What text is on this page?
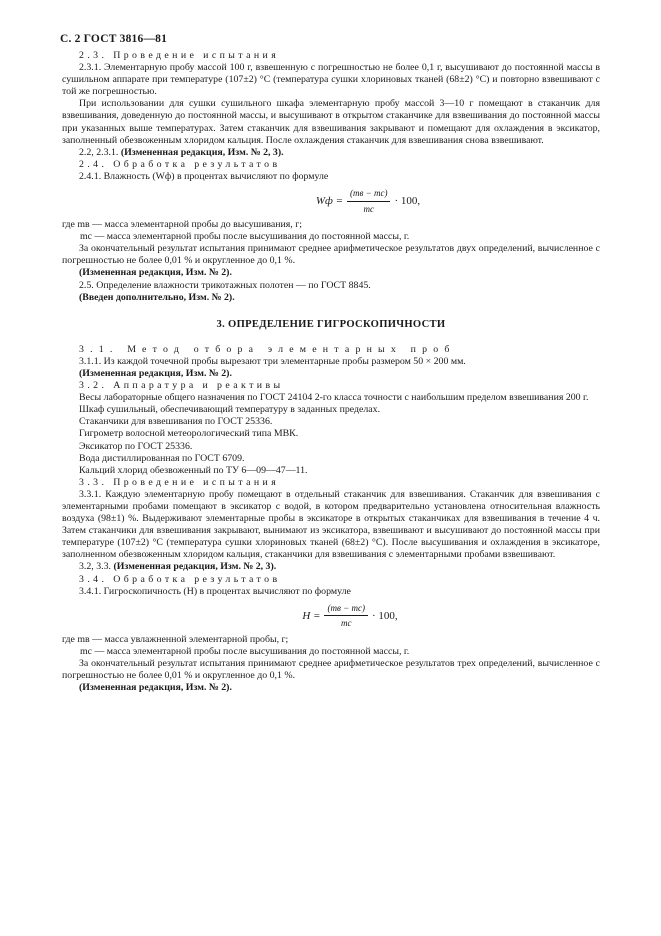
С. 2 ГОСТ 3816—81

2.3. Проведение испытания

2.3.1. Элементарную пробу массой 100 г, взвешенную с погрешностью не более 0,1 г, высушивают до постоянной массы в сушильном аппарате при температуре (107±2) °С (температура сушки хлориновых тканей (68±2) °С) и повторно взвешивают с той же погрешностью.

При использовании для сушки сушильного шкафа элементарную пробу массой 3—10 г помещают в стаканчик для взвешивания, доведенную до постоянной массы, и высушивают в открытом стаканчике для взвешивания до постоянной массы при указанных выше температурах. Затем стаканчик для взвешивания закрывают и помещают для охлаждения в эксикатор, заполненный обезвоженным хлоридом кальция. После охлаждения стаканчик для взвешивания снова взвешивают.

2.2, 2.3.1. (Измененная редакция, Изм. № 2, 3).

2.4. Обработка результатов

2.4.1. Влажность (Wф) в процентах вычисляют по формуле

Wф = $\frac{(mв - mс)}{mс} \cdot 100$,

где mв — масса элементарной пробы до высушивания, г;

mс — масса элементарной пробы после высушивания до постоянной массы, г.

За окончательный результат испытания принимают среднее арифметическое результатов двух определений, вычисленное с погрешностью не более 0,01 % и округленное до 0,1 %.

(Измененная редакция, Изм. № 2).

2.5. Определение влажности трикотажных полотен — по ГОСТ 8845.

(Введен дополнительно, Изм. № 2).

3. ОПРЕДЕЛЕНИЕ ГИГРОСКОПИЧНОСТИ

3.1. Метод отбора элементарных проб

3.1.1. Из каждой точечной пробы вырезают три элементарные пробы размером 50 × 200 мм.

(Измененная редакция, Изм. № 2).

3.2. Аппаратура и реактивы

Весы лабораторные общего назначения по ГОСТ 24104 2-го класса точности с наибольшим пределом взвешивания 200 г.

Шкаф сушильный, обеспечивающий температуру в заданных пределах.

Стаканчики для взвешивания по ГОСТ 25336.

Гигрометр волосной метеорологический типа МВК.

Эксикатор по ГОСТ 25336.

Вода дистиллированная по ГОСТ 6709.

Кальций хлорид обезвоженный по ТУ 6—09—47—11.

3.3. Проведение испытания

3.3.1. Каждую элементарную пробу помещают в отдельный стаканчик для взвешивания. Стаканчик для взвешивания с элементарными пробами помещают в эксикатор с водой, в котором предварительно установлена относительная влажность воздуха (98±1) %. Выдерживают элементарные пробы в эксикаторе в открытых стаканчиках для взвешивания в течение 4 ч. Затем стаканчики для взвешивания закрывают, вынимают из эксикатора, взвешивают и высушивают до постоянной массы при температуре (107±2) °С (температура сушки хлориновых тканей (68±2) °С). После высушивания и охлаждения в эксикаторе, заполненном обезвоженным хлоридом кальция, стаканчики для взвешивания с элементарными пробами взвешивают.

3.2, 3.3. (Измененная редакция, Изм. № 2, 3).

3.4. Обработка результатов

3.4.1. Гигроскопичность (H) в процентах вычисляют по формуле

$H = \frac{(mв - mс)}{mс} \cdot 100$,

где mв — масса увлажненной элементарной пробы, г;

mс — масса элементарной пробы после высушивания до постоянной массы, г.

За окончательный результат испытания принимают среднее арифметическое результатов трех определений, вычисленное с погрешностью не более 0,01 % и округленное до 0,1 %.

(Измененная редакция, Изм. № 2).
